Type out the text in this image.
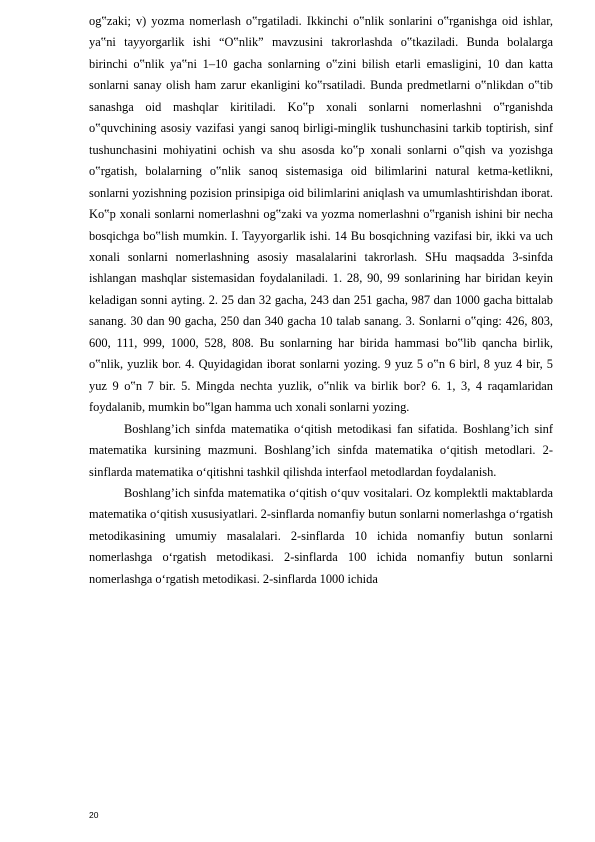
og‟zaki; v) yozma nomerlash o‟rgatiladi. Ikkinchi o‟nlik sonlarini o‟rganishga oid ishlar, ya‟ni tayyorgarlik ishi “O‟nlik” mavzusini takrorlashda o‟tkaziladi. Bunda bolalarga birinchi o‟nlik ya‟ni 1–10 gacha sonlarning o‟zini bilish etarli emasligini, 10 dan katta sonlarni sanay olish ham zarur ekanligini ko‟rsatiladi. Bunda predmetlarni o‟nlikdan o‟tib sanashga oid mashqlar kiritiladi. Ko‟p xonali sonlarni nomerlashni o‟rganishda o‟quvchining asosiy vazifasi yangi sanoq birligi-minglik tushunchasini tarkib toptirish, sinf tushunchasini mohiyatini ochish va shu asosda ko‟p xonali sonlarni o‟qish va yozishga o‟rgatish, bolalarning o‟nlik sanoq sistemasiga oid bilimlarini natural ketma-ketlikni, sonlarni yozishning pozision prinsipiga oid bilimlarini aniqlash va umumlashtirishdan iborat. Ko‟p xonali sonlarni nomerlashni og‟zaki va yozma nomerlashni o‟rganish ishini bir necha bosqichga bo‟lish mumkin. I. Tayyorgarlik ishi. 14 Bu bosqichning vazifasi bir, ikki va uch xonali sonlarni nomerlashning asosiy masalalarini takrorlash. SHu maqsadda 3-sinfda ishlangan mashqlar sistemasidan foydalaniladi. 1. 28, 90, 99 sonlarining har biridan keyin keladigan sonni ayting. 2. 25 dan 32 gacha, 243 dan 251 gacha, 987 dan 1000 gacha bittalab sanang. 30 dan 90 gacha, 250 dan 340 gacha 10 talab sanang. 3. Sonlarni o‟qing: 426, 803, 600, 111, 999, 1000, 528, 808. Bu sonlarning har birida hammasi bo‟lib qancha birlik, o‟nlik, yuzlik bor. 4. Quyidagidan iborat sonlarni yozing. 9 yuz 5 o‟n 6 birl, 8 yuz 4 bir, 5 yuz 9 o‟n 7 bir. 5. Mingda nechta yuzlik, o‟nlik va birlik bor? 6. 1, 3, 4 raqamlaridan foydalanib, mumkin bo‟lgan hamma uch xonali sonlarni yozing.

Boshlang’ich sinfda matematika o‘qitish metodikasi fan sifatida. Boshlang’ich sinf matematika kursining mazmuni. Boshlang’ich sinfda matematika o‘qitish metodlari. 2-sinflarda matematika o‘qitishni tashkil qilishda interfaol metodlardan foydalanish.

Boshlang’ich sinfda matematika o‘qitish o‘quv vositalari. Oz komplektli maktablarda matematika o‘qitish xususiyatlari. 2-sinflarda nomanfiy butun sonlarni nomerlashga o‘rgatish metodikasining umumiy masalalari. 2-sinflarda 10 ichida nomanfiy butun sonlarni nomerlashga o‘rgatish metodikasi. 2-sinflarda 100 ichida nomanfiy butun sonlarni nomerlashga o‘rgatish metodikasi. 2-sinflarda 1000 ichida

20
